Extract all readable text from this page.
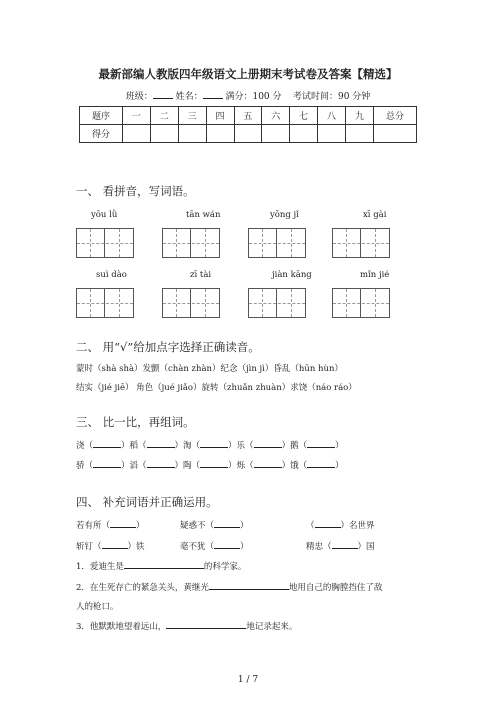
最新部编人教版四年级语文上册期末考试卷及答案【精选】
班级：	姓名：	满分：100 分 考试时间：90 分钟
题序	一	二	三	四	五	六	七	八	九	总分
得分										
一、 看拼音，写词语。
yōu lǜ	tān wán	yōng jǐ	xī gài
suì dào	zī tài	jiàn kāng	mǐn jié
二、 用“√”给加点字选择正确读音。
蒙时（shà shà）发颤（chàn zhàn）纪念（jìn jì）昏乱（hūn hùn）
结实（jié jiē） 角色（jué jiǎo）旋转（zhuǎn zhuàn）求饶（náo ráo）
三、 比一比，再组词。
浇（	）稻（	）淘（	）乐（	）鹅（	）
骄（	）滔（	）陶（	）烁（	）饿（	）
四、 补充词语并正确运用。
若有所（	）	疑惑不（	）	（	）名世界
斩钉（	）铁	毫不犹（	）	精忠（	）国
1．爱迪生是	的科学家。
2．在生死存亡的紧急关头，黄继光	地用自己的胸膛挡住了敌
人的枪口。
3．他默默地望着远山，	地记录起来。
1 / 7
